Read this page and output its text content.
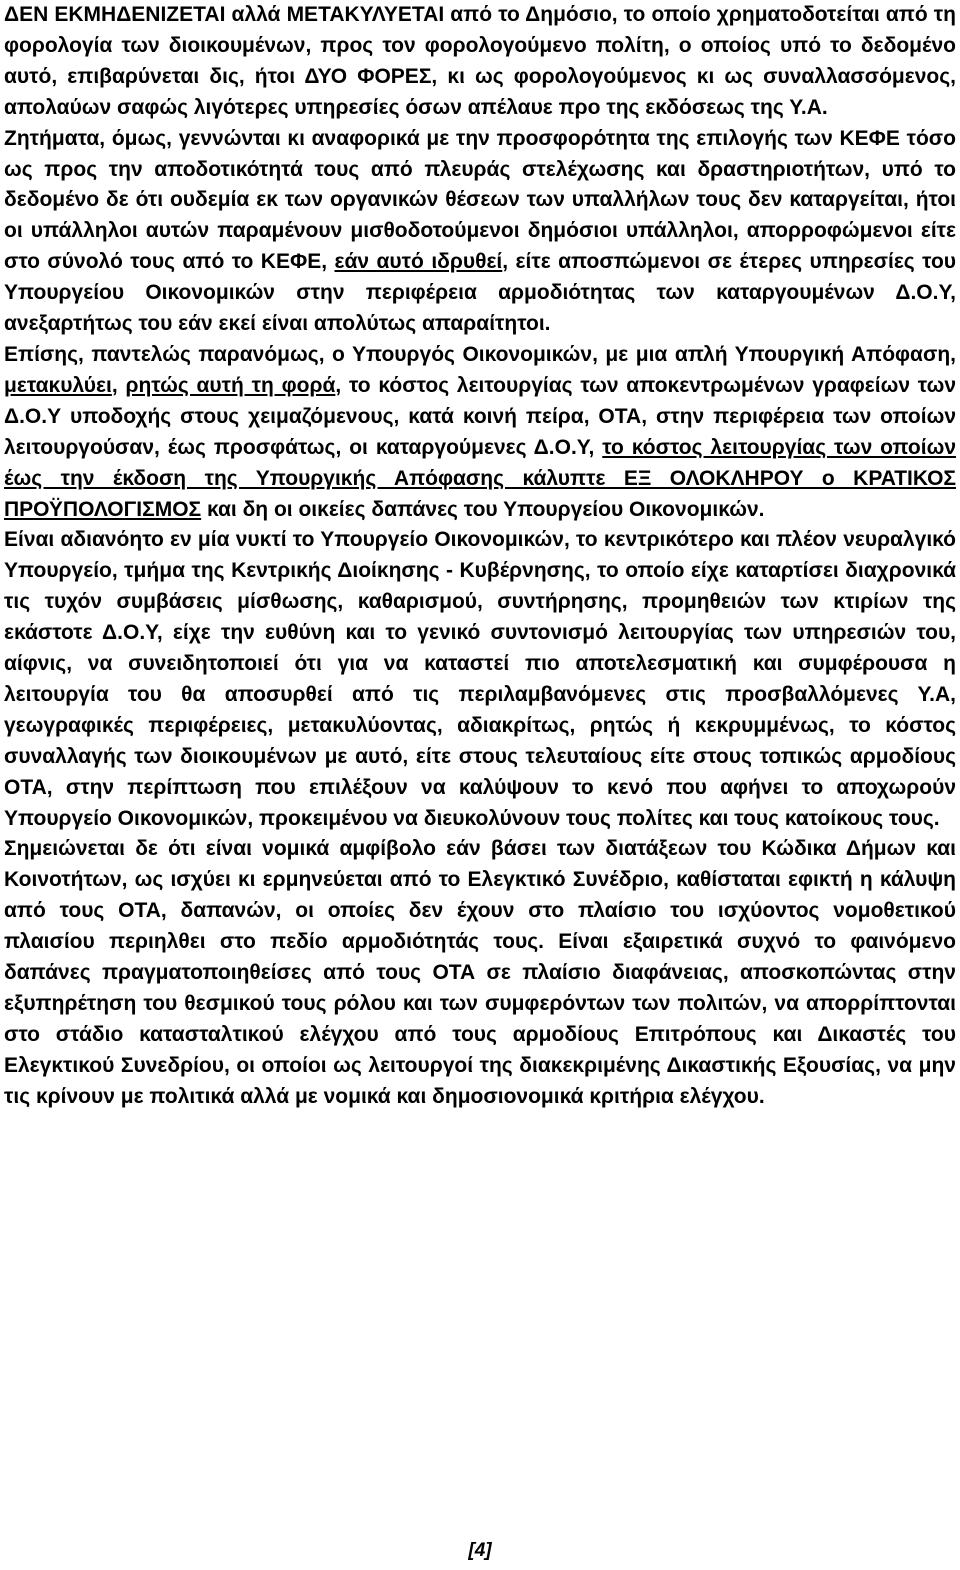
ΔΕΝ ΕΚΜΗΔΕΝΙΖΕΤΑΙ αλλά ΜΕΤΑΚΥΛΥΕΤΑΙ από το Δημόσιο, το οποίο χρηματοδοτείται από τη φορολογία των διοικουμένων, προς τον φορολογούμενο πολίτη, ο οποίος υπό το δεδομένο αυτό, επιβαρύνεται δις, ήτοι ΔΥΟ ΦΟΡΕΣ, κι ως φορολογούμενος κι ως συναλλασσόμενος, απολαύων σαφώς λιγότερες υπηρεσίες όσων απέλαυε προ της εκδόσεως της Υ.Α.

Ζητήματα, όμως, γεννώνται κι αναφορικά με την προσφορότητα της επιλογής των ΚΕΦΕ τόσο ως προς την αποδοτικότητά τους από πλευράς στελέχωσης και δραστηριοτήτων, υπό το δεδομένο δε ότι ουδεμία εκ των οργανικών θέσεων των υπαλλήλων τους δεν καταργείται, ήτοι οι υπάλληλοι αυτών παραμένουν μισθοδοτούμενοι δημόσιοι υπάλληλοι, απορροφώμενοι είτε στο σύνολό τους από το ΚΕΦΕ, εάν αυτό ιδρυθεί, είτε αποσπώμενοι σε έτερες υπηρεσίες του Υπουργείου Οικονομικών στην περιφέρεια αρμοδιότητας των καταργουμένων Δ.Ο.Υ, ανεξαρτήτως του εάν εκεί είναι απολύτως απαραίτητοι.

Επίσης, παντελώς παρανόμως, ο Υπουργός Οικονομικών, με μια απλή Υπουργική Απόφαση, μετακυλύει, ρητώς αυτή τη φορά, το κόστος λειτουργίας των αποκεντρωμένων γραφείων των Δ.Ο.Υ υποδοχής στους χειμαζόμενους, κατά κοινή πείρα, ΟΤΑ, στην περιφέρεια των οποίων λειτουργούσαν, έως προσφάτως, οι καταργούμενες Δ.Ο.Υ, το κόστος λειτουργίας των οποίων έως την έκδοση της Υπουργικής Απόφασης κάλυπτε ΕΞ ΟΛΟΚΛΗΡΟΥ ο ΚΡΑΤΙΚΟΣ ΠΡΟΫΠΟΛΟΓΙΣΜΟΣ και δη οι οικείες δαπάνες του Υπουργείου Οικονομικών.

Είναι αδιανόητο εν μία νυκτί το Υπουργείο Οικονομικών, το κεντρικότερο και πλέον νευραλγικό Υπουργείο, τμήμα της Κεντρικής Διοίκησης - Κυβέρνησης, το οποίο είχε καταρτίσει διαχρονικά τις τυχόν συμβάσεις μίσθωσης, καθαρισμού, συντήρησης, προμηθειών των κτιρίων της εκάστοτε Δ.Ο.Υ, είχε την ευθύνη και το γενικό συντονισμό λειτουργίας των υπηρεσιών του, αίφνις, να συνειδητοποιεί ότι για να καταστεί πιο αποτελεσματική και συμφέρουσα η λειτουργία του θα αποσυρθεί από τις περιλαμβανόμενες στις προσβαλλόμενες Υ.Α, γεωγραφικές περιφέρειες, μετακυλύοντας, αδιακρίτως, ρητώς ή κεκρυμμένως, το κόστος συναλλαγής των διοικουμένων με αυτό, είτε στους τελευταίους είτε στους τοπικώς αρμοδίους ΟΤΑ, στην περίπτωση που επιλέξουν να καλύψουν το κενό που αφήνει το αποχωρούν Υπουργείο Οικονομικών, προκειμένου να διευκολύνουν τους πολίτες και τους κατοίκους τους.

Σημειώνεται δε ότι είναι νομικά αμφίβολο εάν βάσει των διατάξεων του Κώδικα Δήμων και Κοινοτήτων, ως ισχύει κι ερμηνεύεται από το Ελεγκτικό Συνέδριο, καθίσταται εφικτή η κάλυψη από τους ΟΤΑ, δαπανών, οι οποίες δεν έχουν στο πλαίσιο του ισχύοντος νομοθετικού πλαισίου περιηλθει στο πεδίο αρμοδιότητάς τους. Είναι εξαιρετικά συχνό το φαινόμενο δαπάνες πραγματοποιηθείσες από τους ΟΤΑ σε πλαίσιο διαφάνειας, αποσκοπώντας στην εξυπηρέτηση του θεσμικού τους ρόλου και των συμφερόντων των πολιτών, να απορρίπτονται στο στάδιο κατασταλτικού ελέγχου από τους αρμοδίους Επιτρόπους και Δικαστές του Ελεγκτικού Συνεδρίου, οι οποίοι ως λειτουργοί της διακεκριμένης Δικαστικής Εξουσίας, να μην τις κρίνουν με πολιτικά αλλά με νομικά και δημοσιονομικά κριτήρια ελέγχου.

[4]
